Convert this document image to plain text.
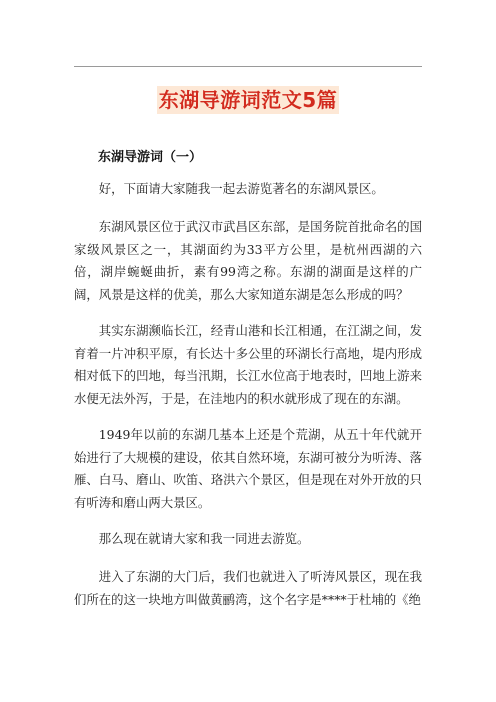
东湖导游词范文5篇
东湖导游词（一）
好，下面请大家随我一起去游览著名的东湖风景区。
东湖风景区位于武汉市武昌区东部，是国务院首批命名的国家级风景区之一，其湖面约为33平方公里，是杭州西湖的六倍，湖岸蜿蜒曲折，素有99湾之称。东湖的湖面是这样的广阔，风景是这样的优美，那么大家知道东湖是怎么形成的吗？
其实东湖濒临长江，经青山港和长江相通，在江湖之间，发育着一片冲积平原，有长达十多公里的环湖长行高地，堤内形成相对低下的凹地，每当汛期，长江水位高于地表时，凹地上游来水便无法外泻，于是，在洼地内的积水就形成了现在的东湖。
1949年以前的东湖几基本上还是个荒湖，从五十年代就开始进行了大规模的建设，依其自然环境，东湖可被分为听涛、落雁、白马、磨山、吹笛、珞洪六个景区，但是现在对外开放的只有听涛和磨山两大景区。
那么现在就请大家和我一同进去游览。
进入了东湖的大门后，我们也就进入了听涛风景区，现在我们所在的这一块地方叫做黄鹂湾，这个名字是****于杜埔的《绝
